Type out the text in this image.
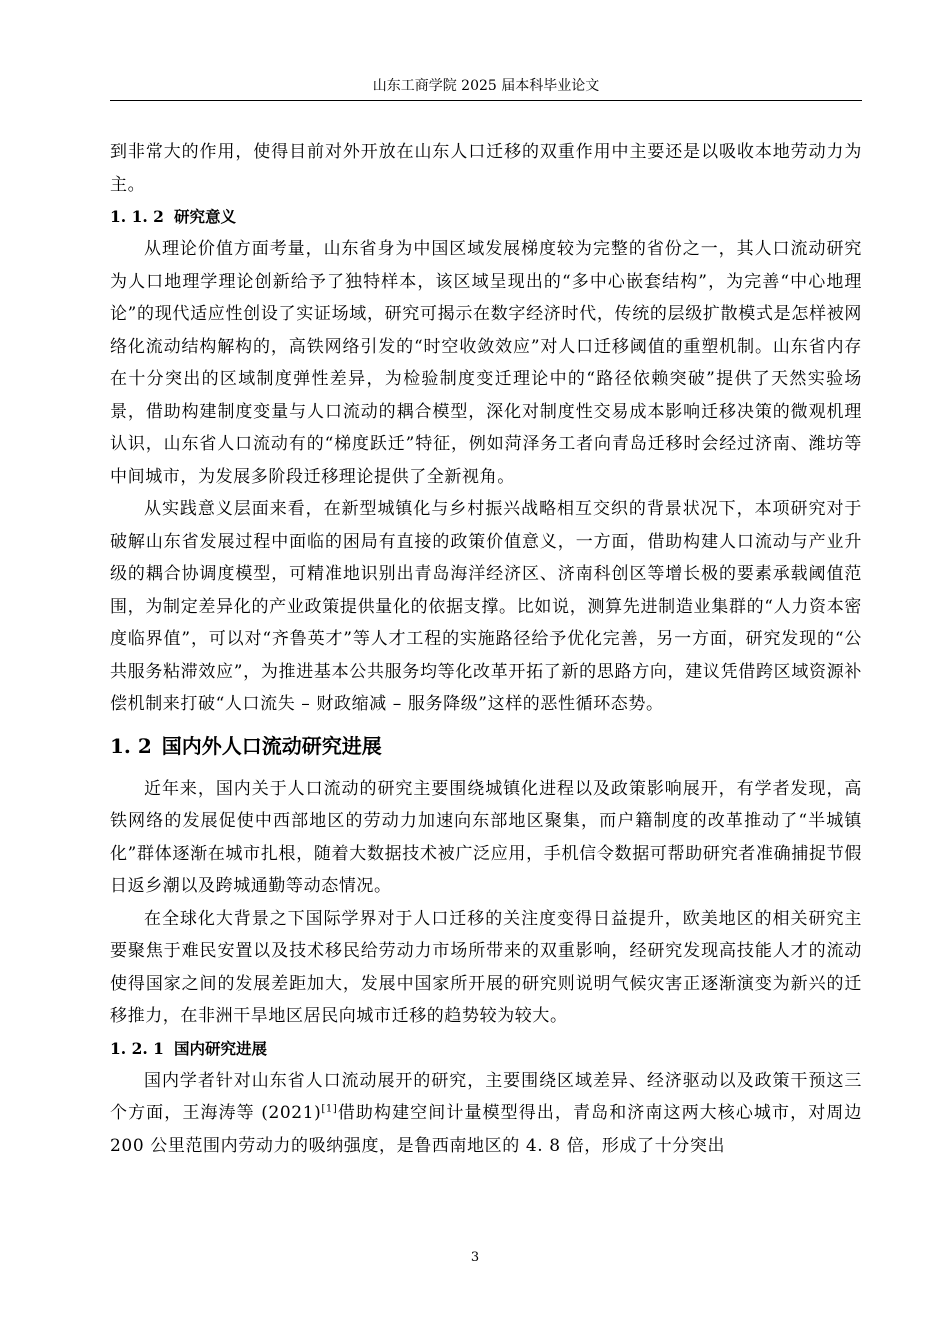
山东工商学院 2025 届本科毕业论文

到非常大的作用，使得目前对外开放在山东人口迁移的双重作用中主要还是以吸收本地劳动力为主。

1. 1. 2 研究意义

从理论价值方面考量，山东省身为中国区域发展梯度较为完整的省份之一，其人口流动研究为人口地理学理论创新给予了独特样本，该区域呈现出的“多中心嵌套结构”，为完善“中心地理论”的现代适应性创设了实证场域，研究可揭示在数字经济时代，传统的层级扩散模式是怎样被网络化流动结构解构的，高铁网络引发的“时空收敛效应”对人口迁移阈值的重塑机制。山东省内存在十分突出的区域制度弹性差异，为检验制度变迁理论中的“路径依赖突破”提供了天然实验场景，借助构建制度变量与人口流动的耦合模型，深化对制度性交易成本影响迁移决策的微观机理认识，山东省人口流动有的“梯度跃迁”特征，例如菏泽务工者向青岛迁移时会经过济南、潍坊等中间城市，为发展多阶段迁移理论提供了全新视角。

从实践意义层面来看，在新型城镇化与乡村振兴战略相互交织的背景状况下，本项研究对于破解山东省发展过程中面临的困局有直接的政策价值意义，一方面，借助构建人口流动与产业升级的耦合协调度模型，可精准地识别出青岛海洋经济区、济南科创区等增长极的要素承载阈值范围，为制定差异化的产业政策提供量化的依据支撑。比如说，测算先进制造业集群的“人力资本密度临界值”，可以对“齐鲁英才”等人才工程的实施路径给予优化完善，另一方面，研究发现的“公共服务粘滞效应”，为推进基本公共服务均等化改革开拓了新的思路方向，建议凭借跨区域资源补偿机制来打破“人口流失 – 财政缩减 – 服务降级”这样的恶性循环态势。

1. 2 国内外人口流动研究进展

近年来，国内关于人口流动的研究主要围绕城镇化进程以及政策影响展开，有学者发现，高铁网络的发展促使中西部地区的劳动力加速向东部地区聚集，而户籍制度的改革推动了“半城镇化”群体逐渐在城市扎根，随着大数据技术被广泛应用，手机信令数据可帮助研究者准确捕捉节假日返乡潮以及跨城通勤等动态情况。

在全球化大背景之下国际学界对于人口迁移的关注度变得日益提升，欧美地区的相关研究主要聚焦于难民安置以及技术移民给劳动力市场所带来的双重影响，经研究发现高技能人才的流动使得国家之间的发展差距加大，发展中国家所开展的研究则说明气候灾害正逐渐演变为新兴的迁移推力，在非洲干旱地区居民向城市迁移的趋势较为较大。

1. 2. 1 国内研究进展

国内学者针对山东省人口流动展开的研究，主要围绕区域差异、经济驱动以及政策干预这三个方面，王海涛等 (2021)[1]借助构建空间计量模型得出，青岛和济南这两大核心城市，对周边 200 公里范围内劳动力的吸纳强度，是鲁西南地区的 4. 8 倍，形成了十分突出

3
